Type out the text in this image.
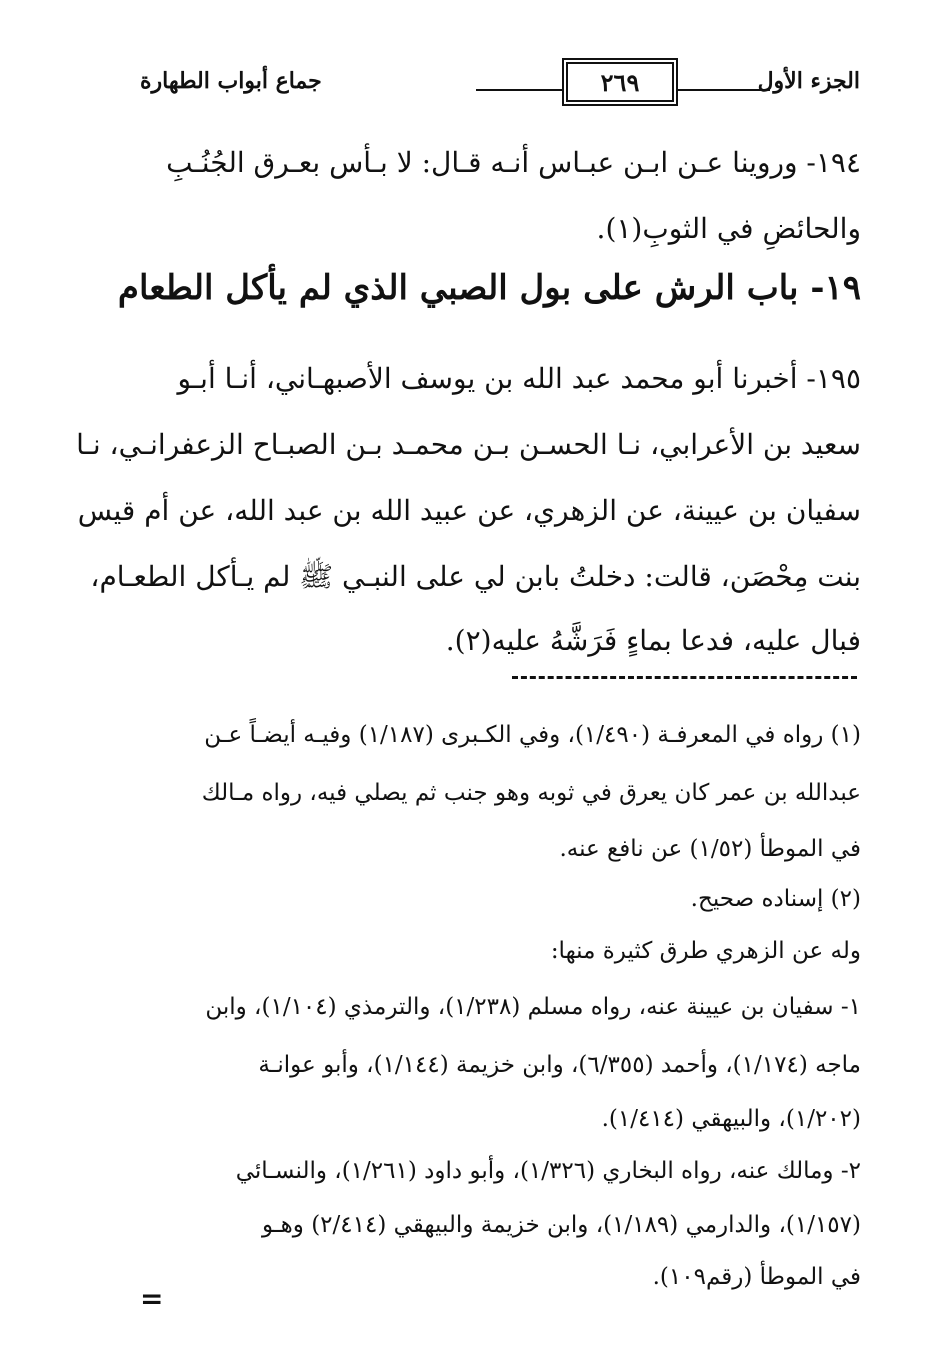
الجزء الأول
٢٦٩
جماع أبواب الطهارة
١٩٤- وروينا عـن ابـن عبـاس أنـه قـال: لا بـأس بعـرق الجُنُـبِ
والحائضِ في الثوبِ(١).
١٩- باب الرش على بول الصبي الذي لم يأكل الطعام
١٩٥- أخبرنا أبو محمد عبد الله بن يوسف الأصبهـاني، أنـا أبـو
سعيد بن الأعرابي، نـا الحسـن بـن محمـد بـن الصبـاح الزعفرانـي، نـا
سفيان بن عيينة، عن الزهري، عن عبيد الله بن عبد الله، عن أم قيس
بنت مِحْصَن، قالت: دخلتُ بابن لي على النبـي ﷺ لم يـأكل الطعـام،
فبال عليه، فدعا بماءٍ فَرَشَّهُ عليه(٢).
(١) رواه في المعرفـة (١/٤٩٠)، وفي الكـبرى (١/١٨٧) وفيـه أيضـاً عـن
عبدالله بن عمر كان يعرق في ثوبه وهو جنب ثم يصلي فيه، رواه مـالك
في الموطأ (١/٥٢) عن نافع عنه.
(٢) إسناده صحيح.
وله عن الزهري طرق كثيرة منها:
١- سفيان بن عيينة عنه، رواه مسلم (١/٢٣٨)، والترمذي (١/١٠٤)، وابن
ماجه (١/١٧٤)، وأحمد (٦/٣٥٥)، وابن خزيمة (١/١٤٤)، وأبو عوانـة
(١/٢٠٢)، والبيهقي (١/٤١٤).
٢- ومالك عنه، رواه البخاري (١/٣٢٦)، وأبو داود (١/٢٦١)، والنسـائي
(١/١٥٧)، والدارمي (١/١٨٩)، وابن خزيمة والبيهقي (٢/٤١٤) وهـو
في الموطأ (رقم١٠٩).
=
